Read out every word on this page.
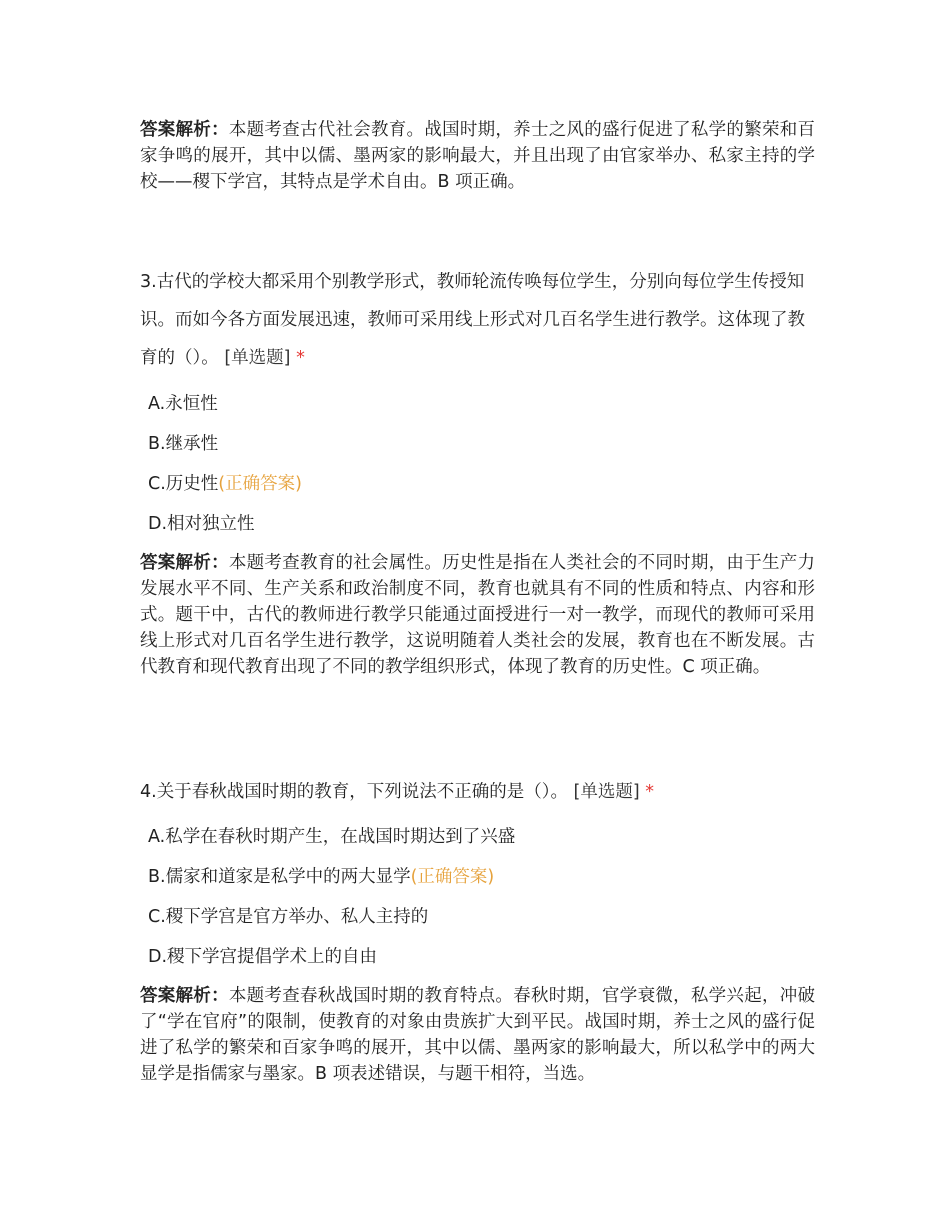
答案解析：本题考查古代社会教育。战国时期，养士之风的盛行促进了私学的繁荣和百家争鸣的展开，其中以儒、墨两家的影响最大，并且出现了由官家举办、私家主持的学校——稷下学宫，其特点是学术自由。B 项正确。

3.古代的学校大都采用个别教学形式，教师轮流传唤每位学生，分别向每位学生传授知识。而如今各方面发展迅速，教师可采用线上形式对几百名学生进行教学。这体现了教育的（）。 [单选题] *

A.永恒性
B.继承性
C.历史性(正确答案)
D.相对独立性

答案解析：本题考查教育的社会属性。历史性是指在人类社会的不同时期，由于生产力发展水平不同、生产关系和政治制度不同，教育也就具有不同的性质和特点、内容和形式。题干中，古代的教师进行教学只能通过面授进行一对一教学，而现代的教师可采用线上形式对几百名学生进行教学，这说明随着人类社会的发展，教育也在不断发展。古代教育和现代教育出现了不同的教学组织形式，体现了教育的历史性。C 项正确。

4.关于春秋战国时期的教育，下列说法不正确的是（）。 [单选题] *

A.私学在春秋时期产生，在战国时期达到了兴盛
B.儒家和道家是私学中的两大显学(正确答案)
C.稷下学宫是官方举办、私人主持的
D.稷下学宫提倡学术上的自由

答案解析：本题考查春秋战国时期的教育特点。春秋时期，官学衰微，私学兴起，冲破了“学在官府”的限制，使教育的对象由贵族扩大到平民。战国时期，养士之风的盛行促进了私学的繁荣和百家争鸣的展开，其中以儒、墨两家的影响最大，所以私学中的两大显学是指儒家与墨家。B 项表述错误，与题干相符，当选。
